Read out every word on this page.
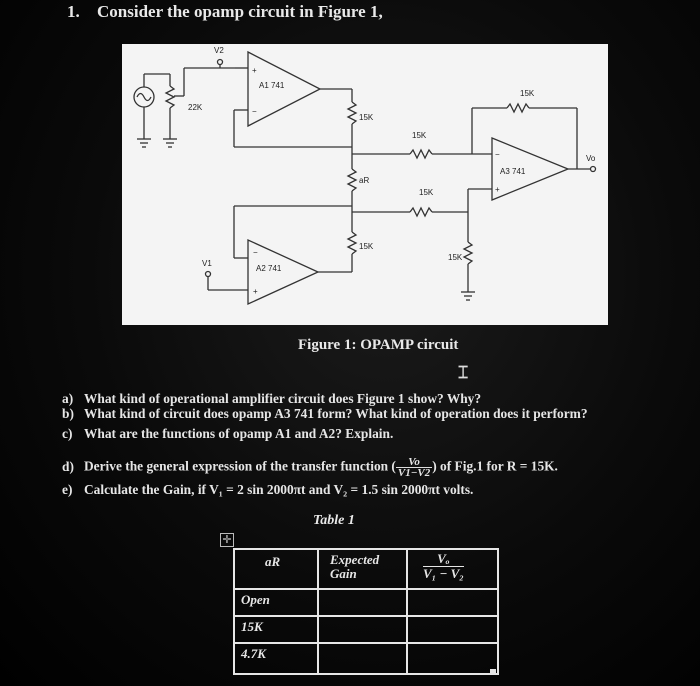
1. Consider the opamp circuit in Figure 1,
V2
A1 741
+
−
22K
15K
aR
15K
15K
15K
15K
15K
A3 741
−
+
Vo
V1
A2 741
−
+
Figure 1: OPAMP circuit
⌶
a) What kind of operational amplifier circuit does Figure 1 show? Why?
b) What kind of circuit does opamp A3 741 form? What kind of operation does it perform?
c) What are the functions of opamp A1 and A2? Explain.
d) Derive the general expression of the transfer function ( $\frac{Vo}{V1-V2}$ ) of Fig.1 for R = 15K.
e) Calculate the Gain, if V₁ = 2 sin 2000πt and V₂ = 1.5 sin 2000πt volts.
Table 1
✛
aR	Expected
Gain
Vₒ
V₁ − V₂
Open
15K
4.7K
